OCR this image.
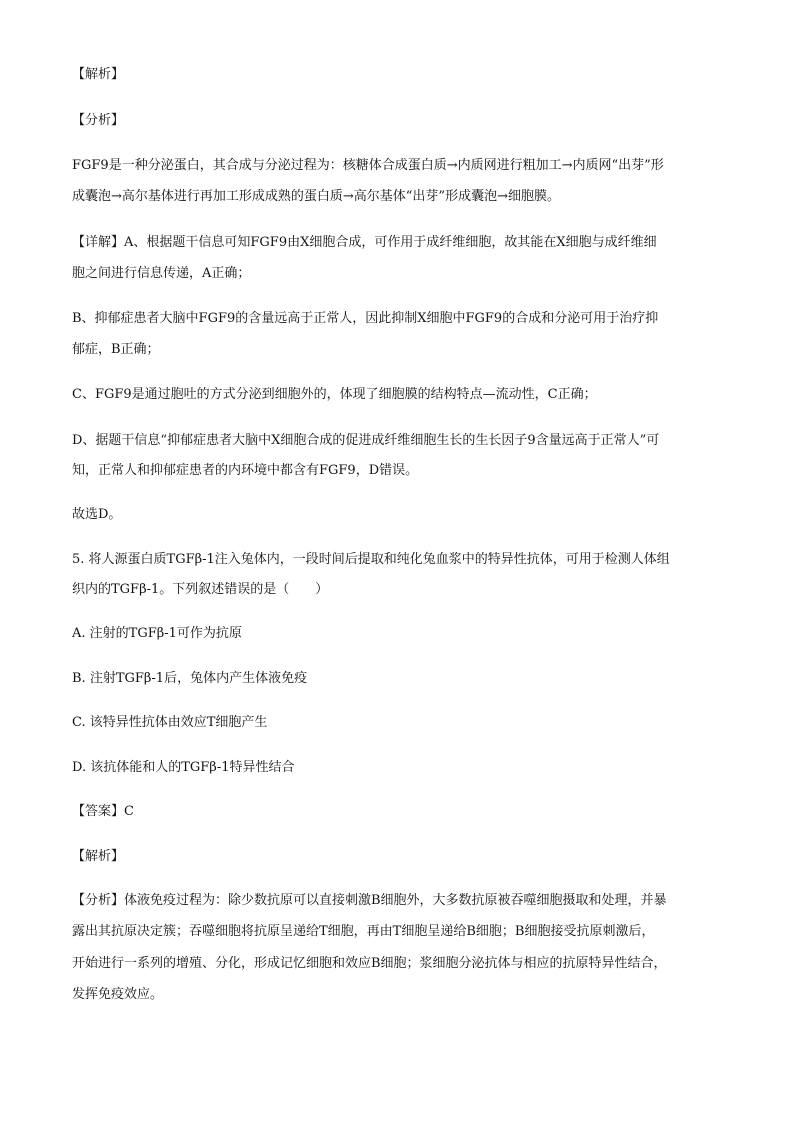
【解析】
【分析】
FGF9是一种分泌蛋白，其合成与分泌过程为：核糖体合成蛋白质→内质网进行粗加工→内质网“出芽”形
成囊泡→高尔基体进行再加工形成成熟的蛋白质→高尔基体“出芽”形成囊泡→细胞膜。
【详解】A、根据题干信息可知FGF9由X细胞合成，可作用于成纤维细胞，故其能在X细胞与成纤维细
胞之间进行信息传递，A正确；
B、抑郁症患者大脑中FGF9的含量远高于正常人，因此抑制X细胞中FGF9的合成和分泌可用于治疗抑
郁症，B正确；
C、FGF9是通过胞吐的方式分泌到细胞外的，体现了细胞膜的结构特点—流动性，C正确；
D、据题干信息“抑郁症患者大脑中X细胞合成的促进成纤维细胞生长的生长因子9含量远高于正常人”可
知，正常人和抑郁症患者的内环境中都含有FGF9，D错误。
故选D。
5. 将人源蛋白质TGFβ-1注入兔体内，一段时间后提取和纯化兔血浆中的特异性抗体，可用于检测人体组
织内的TGFβ-1。下列叙述错误的是（　　）
A. 注射的TGFβ-1可作为抗原
B. 注射TGFβ-1后，兔体内产生体液免疫
C. 该特异性抗体由效应T细胞产生
D. 该抗体能和人的TGFβ-1特异性结合
【答案】C
【解析】
【分析】体液免疫过程为：除少数抗原可以直接刺激B细胞外，大多数抗原被吞噬细胞摄取和处理，并暴
露出其抗原决定簇；吞噬细胞将抗原呈递给T细胞，再由T细胞呈递给B细胞；B细胞接受抗原刺激后，
开始进行一系列的增殖、分化，形成记忆细胞和效应B细胞；浆细胞分泌抗体与相应的抗原特异性结合，
发挥免疫效应。
